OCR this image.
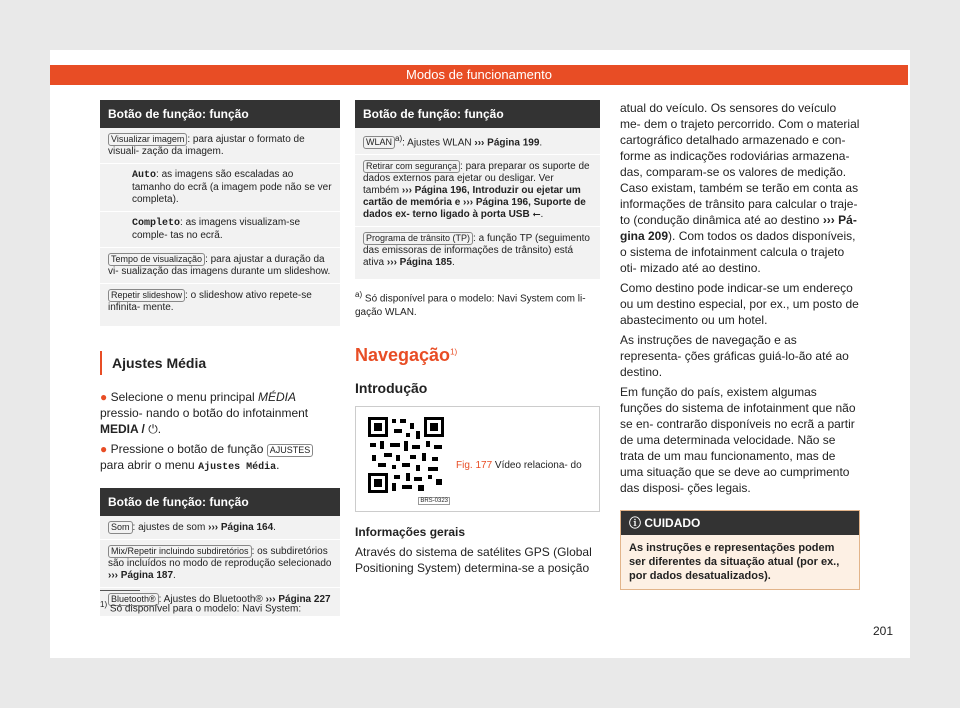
Modos de funcionamento
Botão de função: função
Visualizar imagem : para ajustar o formato de visuali- zação da imagem.
Auto: as imagens são escaladas ao tamanho do ecrã (a imagem pode não se ver completa).
Completo: as imagens visualizam-se comple- tas no ecrã.
Tempo de visualização : para ajustar a duração da vi- sualização das imagens durante um slideshow.
Repetir slideshow : o slideshow ativo repete-se infinita- mente.
Ajustes Média

● Selecione o menu principal MÉDIA pressio- nando o botão do infotainment MEDIA / ⏻.

● Pressione o botão de função AJUSTES para abrir o menu Ajustes Média.

Botão de função: função
Som : ajustes de som ››› Página 164.
Mix/Repetir incluindo subdiretórios : os subdiretórios são incluídos no modo de reprodução selecionado ››› Página 187.
Bluetooth® : Ajustes do Bluetooth® ››› Página 227
Botão de função: função
WLAN $^{a)}$: Ajustes WLAN ››› Página 199.
Retirar com segurança : para preparar os suporte de dados externos para ejetar ou desligar. Ver também ››› Página 196, Introduzir ou ejetar um cartão de memória e ››› Página 196, Suporte de dados ex- terno ligado à porta USB ⭠.
Programa de trânsito (TP) : a função TP (seguimento das emissoras de informações de trânsito) está ativa ››› Página 185.

$^{a)}$ Só disponível para o modelo: Navi System com li- gação WLAN.

Navegação$^{1)}$
Introdução
BRS-0323
Fig. 177 Vídeo relaciona- do

Informações gerais

Através do sistema de satélites GPS (Global Positioning System) determina-se a posição

atual do veículo. Os sensores do veículo me- dem o trajeto percorrido. Com o material cartográfico detalhado armazenado e con- forme as indicações rodoviárias armazena- das, comparam-se os valores de medição. Caso existam, também se terão em conta as informações de trânsito para calcular o traje- to (condução dinâmica até ao destino ››› Pá- gina 209). Com todos os dados disponíveis, o sistema de infotainment calcula o trajeto oti- mizado até ao destino.

Como destino pode indicar-se um endereço ou um destino especial, por ex., um posto de abastecimento ou um hotel.

As instruções de navegação e as representa- ções gráficas guiá-lo-ão até ao destino.

Em função do país, existem algumas funções do sistema de infotainment que não se en- contrarão disponíveis no ecrã a partir de uma determinada velocidade. Não se trata de um mau funcionamento, mas de uma situação que se deve ao cumprimento das disposi- ções legais.

ⓘ CUIDADO
As instruções e representações podem ser diferentes da situação atual (por ex., por dados desatualizados).
$^{1)}$ Só disponível para o modelo: Navi System:
201
